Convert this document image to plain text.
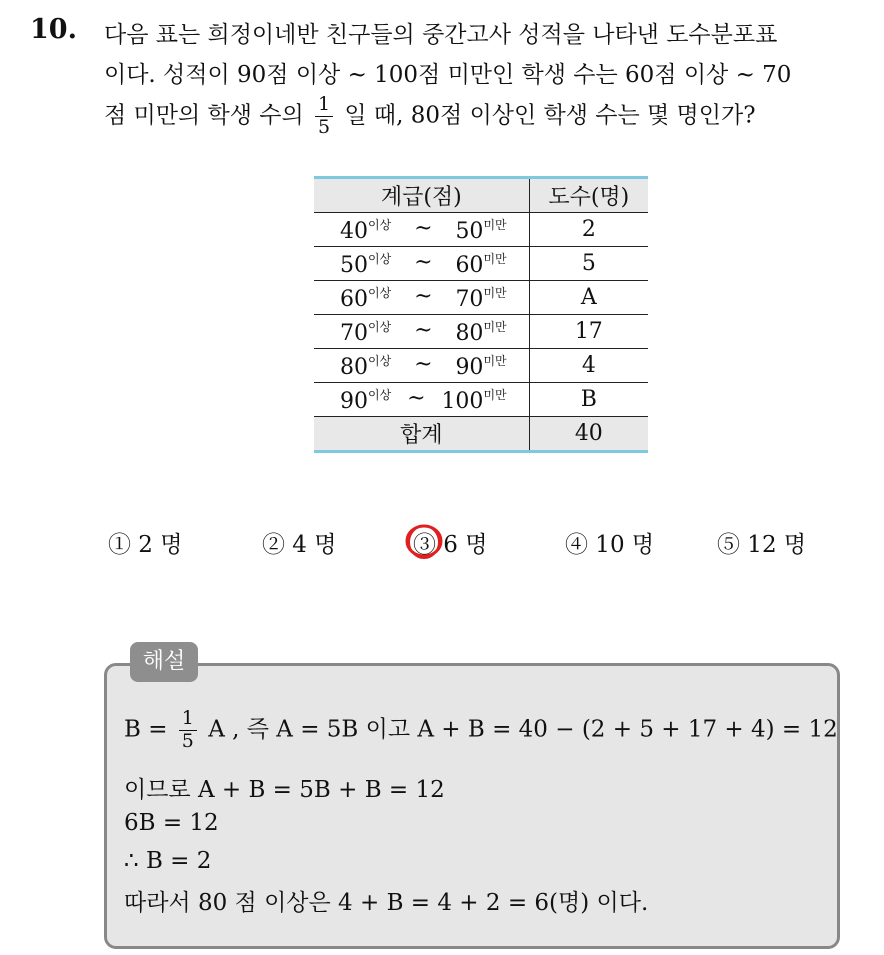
10. 다음 표는 희정이네반 친구들의 중간고사 성적을 나타낸 도수분포표
이다. 성적이 90점 이상 ~ 100점 미만인 학생 수는 60점 이상 ~ 70
점 미만의 학생 수의 $\frac{1}{5}$ 일 때, 80점 이상인 학생 수는 몇 명인가?
계급(점)	도수(명)

$40^{이상}$ ~ $50^{미만}$	2

$50^{이상}$ ~ $60^{미만}$	5

$60^{이상}$ ~ $70^{미만}$	A

$70^{이상}$ ~ $80^{미만}$	17

$80^{이상}$ ~ $90^{미만}$	4

$90^{이상}$ ~ $100^{미만}$	B
합계	40
① 2 명	② 4 명	③ 6 명	④ 10 명	⑤ 12 명
해설
$B = \frac{1}{5}$ A , 즉 A = 5B 이고 A + B = 40 − (2 + 5 + 17 + 4) = 12
이므로 A + B = 5B + B = 12
6B = 12
∴ B = 2
따라서 80 점 이상은 4 + B = 4 + 2 = 6(명) 이다.
